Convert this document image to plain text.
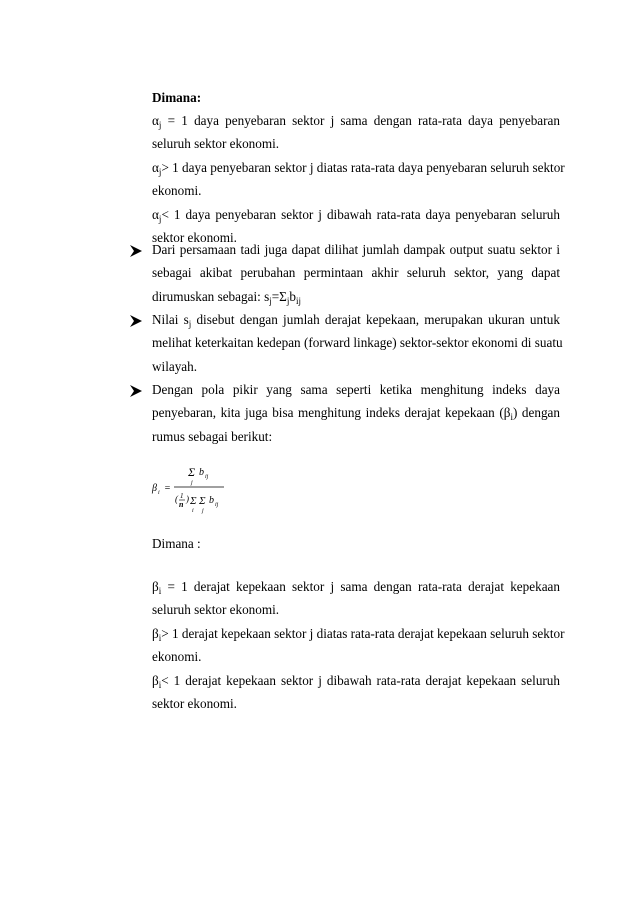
Dimana:

$\alpha_j = 1$ daya penyebaran sektor j sama dengan rata-rata daya penyebaran
seluruh sektor ekonomi.

$\alpha_j> 1$ daya penyebaran sektor j diatas rata-rata daya penyebaran seluruh sektor
ekonomi.

$\alpha_j< 1$ daya penyebaran sektor j dibawah rata-rata daya penyebaran seluruh
sektor ekonomi.

Dari persamaan tadi juga dapat dilihat jumlah dampak output suatu sektor i
sebagai akibat perubahan permintaan akhir seluruh sektor, yang dapat
dirumuskan sebagai: $s_j=\Sigma_jb_{ij}$

Nilai $s_j$ disebut dengan jumlah derajat kepekaan, merupakan ukuran untuk
melihat keterkaitan kedepan (forward linkage) sektor-sektor ekonomi di suatu
wilayah.

Dengan pola pikir yang sama seperti ketika menghitung indeks daya
penyebaran, kita juga bisa menghitung indeks derajat kepekaan $(\beta_i)$ dengan
rumus sebagai berikut:

β i =
Σ b ij
j
( 1
n
) Σ Σ b ij
i j

Dimana :

$\beta_i = 1$ derajat kepekaan sektor j sama dengan rata-rata derajat kepekaan
seluruh sektor ekonomi.

$\beta_i> 1$ derajat kepekaan sektor j diatas rata-rata derajat kepekaan seluruh sektor
ekonomi.

$\beta_i< 1$ derajat kepekaan sektor j dibawah rata-rata derajat kepekaan seluruh
sektor ekonomi.
